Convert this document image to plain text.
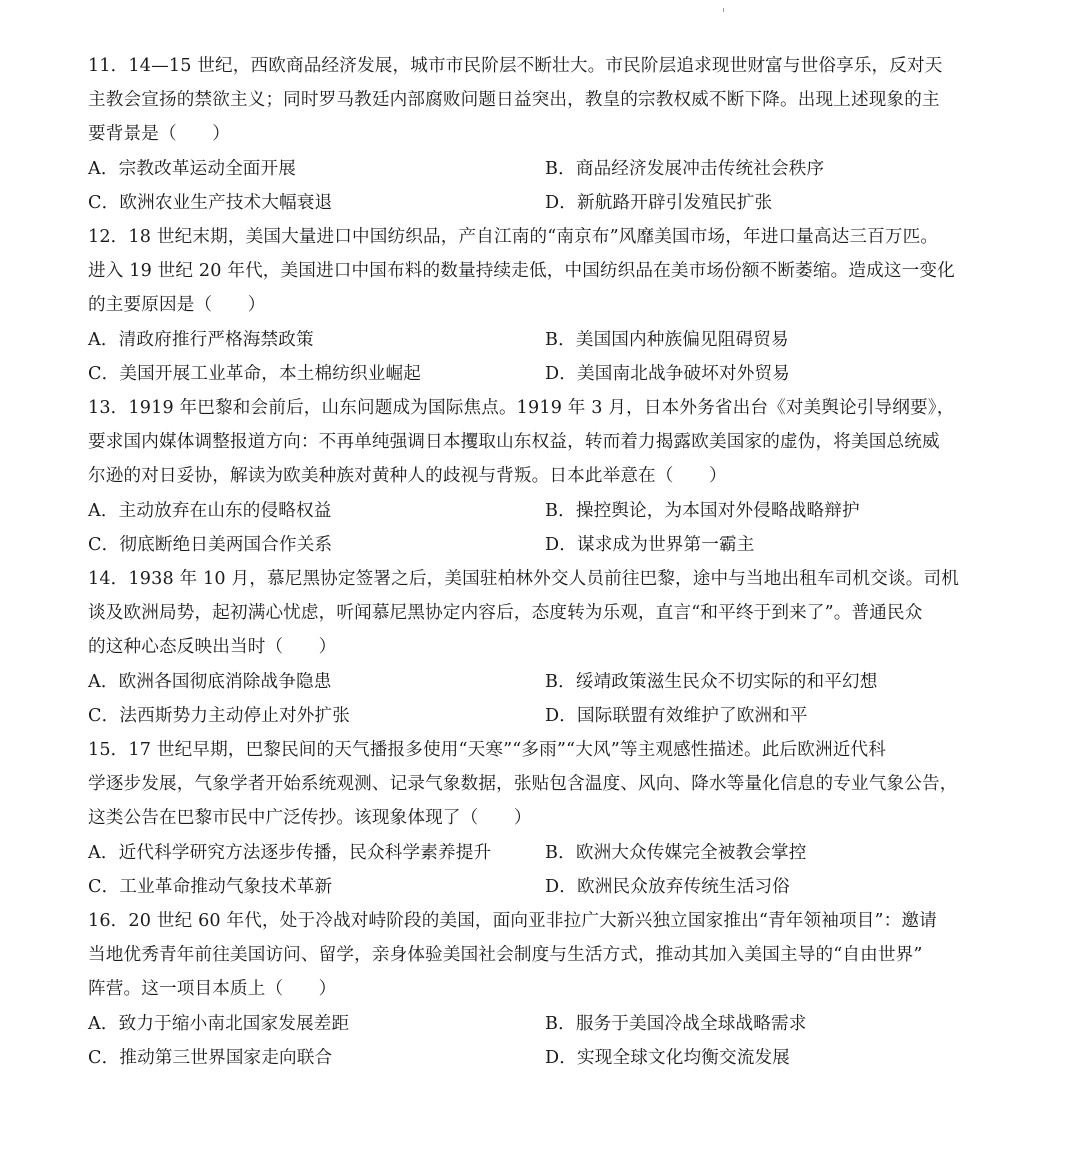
11．14—15 世纪，西欧商品经济发展，城市市民阶层不断壮大。市民阶层追求现世财富与世俗享乐，反对天
主教会宣扬的禁欲主义；同时罗马教廷内部腐败问题日益突出，教皇的宗教权威不断下降。出现上述现象的主
要背景是（　　）
A．宗教改革运动全面开展	B．商品经济发展冲击传统社会秩序
C．欧洲农业生产技术大幅衰退	D．新航路开辟引发殖民扩张
12．18 世纪末期，美国大量进口中国纺织品，产自江南的“南京布”风靡美国市场，年进口量高达三百万匹。
进入 19 世纪 20 年代，美国进口中国布料的数量持续走低，中国纺织品在美市场份额不断萎缩。造成这一变化
的主要原因是（　　）
A．清政府推行严格海禁政策	B．美国国内种族偏见阻碍贸易
C．美国开展工业革命，本土棉纺织业崛起	D．美国南北战争破坏对外贸易
13．1919 年巴黎和会前后，山东问题成为国际焦点。1919 年 3 月，日本外务省出台《对美舆论引导纲要》，
要求国内媒体调整报道方向：不再单纯强调日本攫取山东权益，转而着力揭露欧美国家的虚伪，将美国总统威
尔逊的对日妥协，解读为欧美种族对黄种人的歧视与背叛。日本此举意在（　　）
A．主动放弃在山东的侵略权益	B．操控舆论，为本国对外侵略战略辩护
C．彻底断绝日美两国合作关系	D．谋求成为世界第一霸主
14．1938 年 10 月，慕尼黑协定签署之后，美国驻柏林外交人员前往巴黎，途中与当地出租车司机交谈。司机
谈及欧洲局势，起初满心忧虑，听闻慕尼黑协定内容后，态度转为乐观，直言“和平终于到来了”。普通民众
的这种心态反映出当时（　　）
A．欧洲各国彻底消除战争隐患	B．绥靖政策滋生民众不切实际的和平幻想
C．法西斯势力主动停止对外扩张	D．国际联盟有效维护了欧洲和平
15．17 世纪早期，巴黎民间的天气播报多使用“天寒”“多雨”“大风”等主观感性描述。此后欧洲近代科
学逐步发展，气象学者开始系统观测、记录气象数据，张贴包含温度、风向、降水等量化信息的专业气象公告，
这类公告在巴黎市民中广泛传抄。该现象体现了（　　）
A．近代科学研究方法逐步传播，民众科学素养提升	B．欧洲大众传媒完全被教会掌控
C．工业革命推动气象技术革新	D．欧洲民众放弃传统生活习俗
16．20 世纪 60 年代，处于冷战对峙阶段的美国，面向亚非拉广大新兴独立国家推出“青年领袖项目”：邀请
当地优秀青年前往美国访问、留学，亲身体验美国社会制度与生活方式，推动其加入美国主导的“自由世界”
阵营。这一项目本质上（　　）
A．致力于缩小南北国家发展差距	B．服务于美国冷战全球战略需求
C．推动第三世界国家走向联合	D．实现全球文化均衡交流发展
